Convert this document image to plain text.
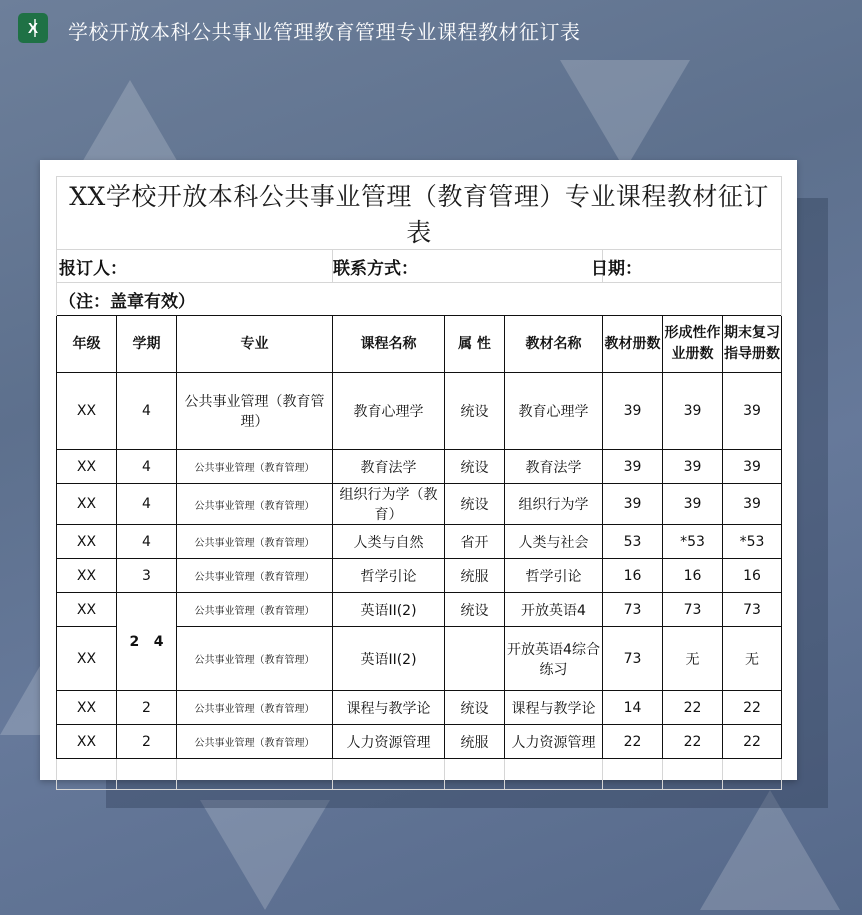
X	学校开放本科公共事业管理教育管理专业课程教材征订表
XX学校开放本科公共事业管理（教育管理）专业课程教材征订表								
报订人：			联系方式：			日期：		
（注：盖章有效）								
年级	学期	专业	课程名称	属 性	教材名称	教材册数	形成性作业册数	期末复习指导册数
XX	4	公共事业管理（教育管理）	教育心理学	统设	教育心理学	39	39	39
XX	4	公共事业管理（教育管理）	教育法学	统设	教育法学	39	39	39
XX	4	公共事业管理（教育管理）	组织行为学（教育）	统设	组织行为学	39	39	39
XX	4	公共事业管理（教育管理）	人类与自然	省开	人类与社会	53	*53	*53
XX	3	公共事业管理（教育管理）	哲学引论	统服	哲学引论	16	16	16
XX	2   4	公共事业管理（教育管理）	英语II(2)	统设	开放英语4	73	73	73
XX		公共事业管理（教育管理）	英语II(2)		开放英语4综合练习	73	无	无
XX	2	公共事业管理（教育管理）	课程与教学论	统设	课程与教学论	14	22	22
XX	2	公共事业管理（教育管理）	人力资源管理	统服	人力资源管理	22	22	22
